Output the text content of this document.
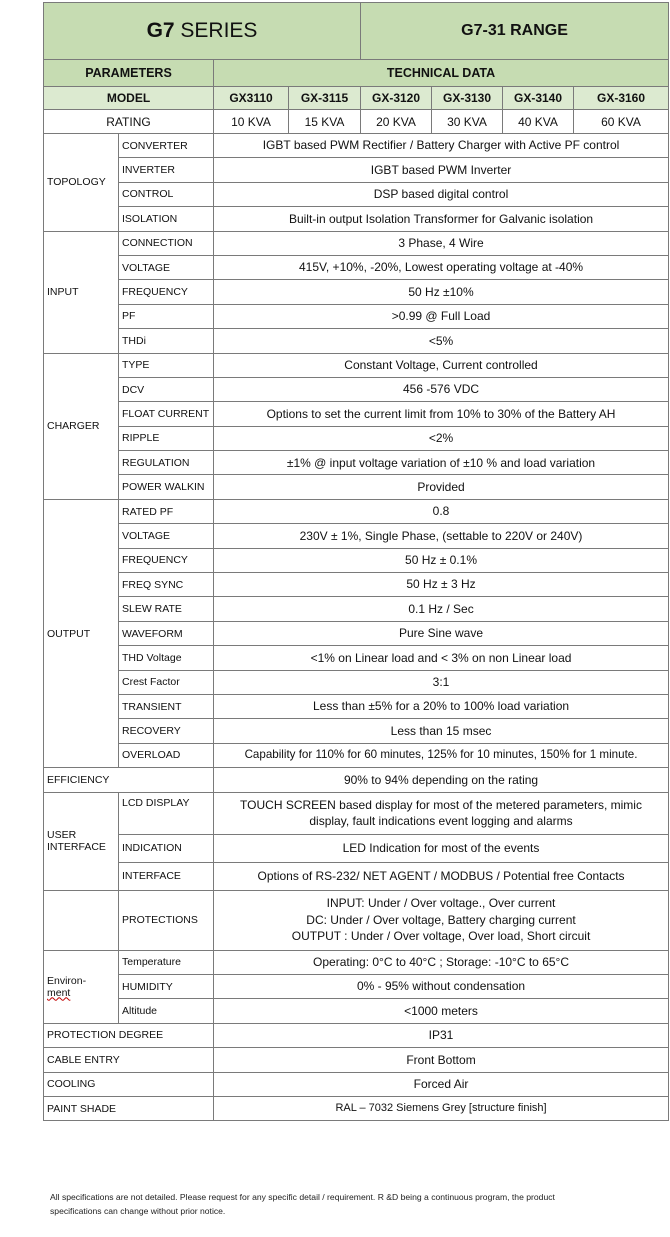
G7 SERIES				G7-31 RANGE			
PARAMETERS		TECHNICAL DATA					
MODEL		GX3110	GX-3115	GX-3120	GX-3130	GX-3140	GX-3160
RATING		10 KVA	15 KVA	20 KVA	30 KVA	40 KVA	60 KVA
TOPOLOGY	CONVERTER	IGBT based PWM Rectifier / Battery Charger with Active PF control					
	INVERTER	IGBT based PWM Inverter					
	CONTROL	DSP based digital control					
	ISOLATION	Built-in output Isolation Transformer for Galvanic isolation					
INPUT	CONNECTION	3 Phase, 4 Wire					
	VOLTAGE	415V, +10%, -20%, Lowest operating voltage at -40%					
	FREQUENCY	50 Hz ±10%					
	PF	>0.99 @ Full Load					
	THDi	<5%					
CHARGER	TYPE	Constant Voltage, Current controlled					
	DCV	456 -576 VDC					
	FLOAT CURRENT	Options to set the current limit from 10% to 30% of the Battery AH					
	RIPPLE	<2%					
	REGULATION	±1% @ input voltage variation of ±10 % and load variation					
	POWER WALKIN	Provided					
OUTPUT	RATED PF	0.8					
	VOLTAGE	230V ± 1%, Single Phase, (settable to 220V or 240V)					
	FREQUENCY	50 Hz ± 0.1%					
	FREQ SYNC	50 Hz ± 3 Hz					
	SLEW RATE	0.1 Hz / Sec					
	WAVEFORM	Pure Sine wave					
	THD Voltage	<1% on Linear load and < 3% on non Linear load					
	Crest Factor	3:1					
	TRANSIENT	Less than ±5% for a 20% to 100% load variation					
	RECOVERY	Less than 15 msec					
	OVERLOAD	Capability for 110% for 60 minutes, 125% for 10 minutes, 150% for 1 minute.					
EFFICIENCY		90% to 94% depending on the rating					
USER
INTERFACE	LCD DISPLAY	TOUCH SCREEN based display for most of the metered parameters, mimic
display, fault indications event logging and alarms					
	INDICATION	LED Indication for most of the events					
	INTERFACE	Options of RS-232/ NET AGENT / MODBUS / Potential free Contacts					
	PROTECTIONS	INPUT: Under / Over voltage., Over current
DC: Under / Over voltage, Battery charging current
OUTPUT : Under / Over voltage, Over load, Short circuit					
Environ-
ment	Temperature	Operating: 0°C to 40°C ; Storage: -10°C to 65°C					
	HUMIDITY	0% - 95% without condensation					
	Altitude	<1000 meters					
PROTECTION DEGREE		IP31					
CABLE ENTRY		Front Bottom					
COOLING		Forced Air					
PAINT SHADE		RAL – 7032 Siemens Grey [structure finish]					
All specifications are not detailed. Please request for any specific detail / requirement. R &D being a continuous program, the product
specifications can change without prior notice.
